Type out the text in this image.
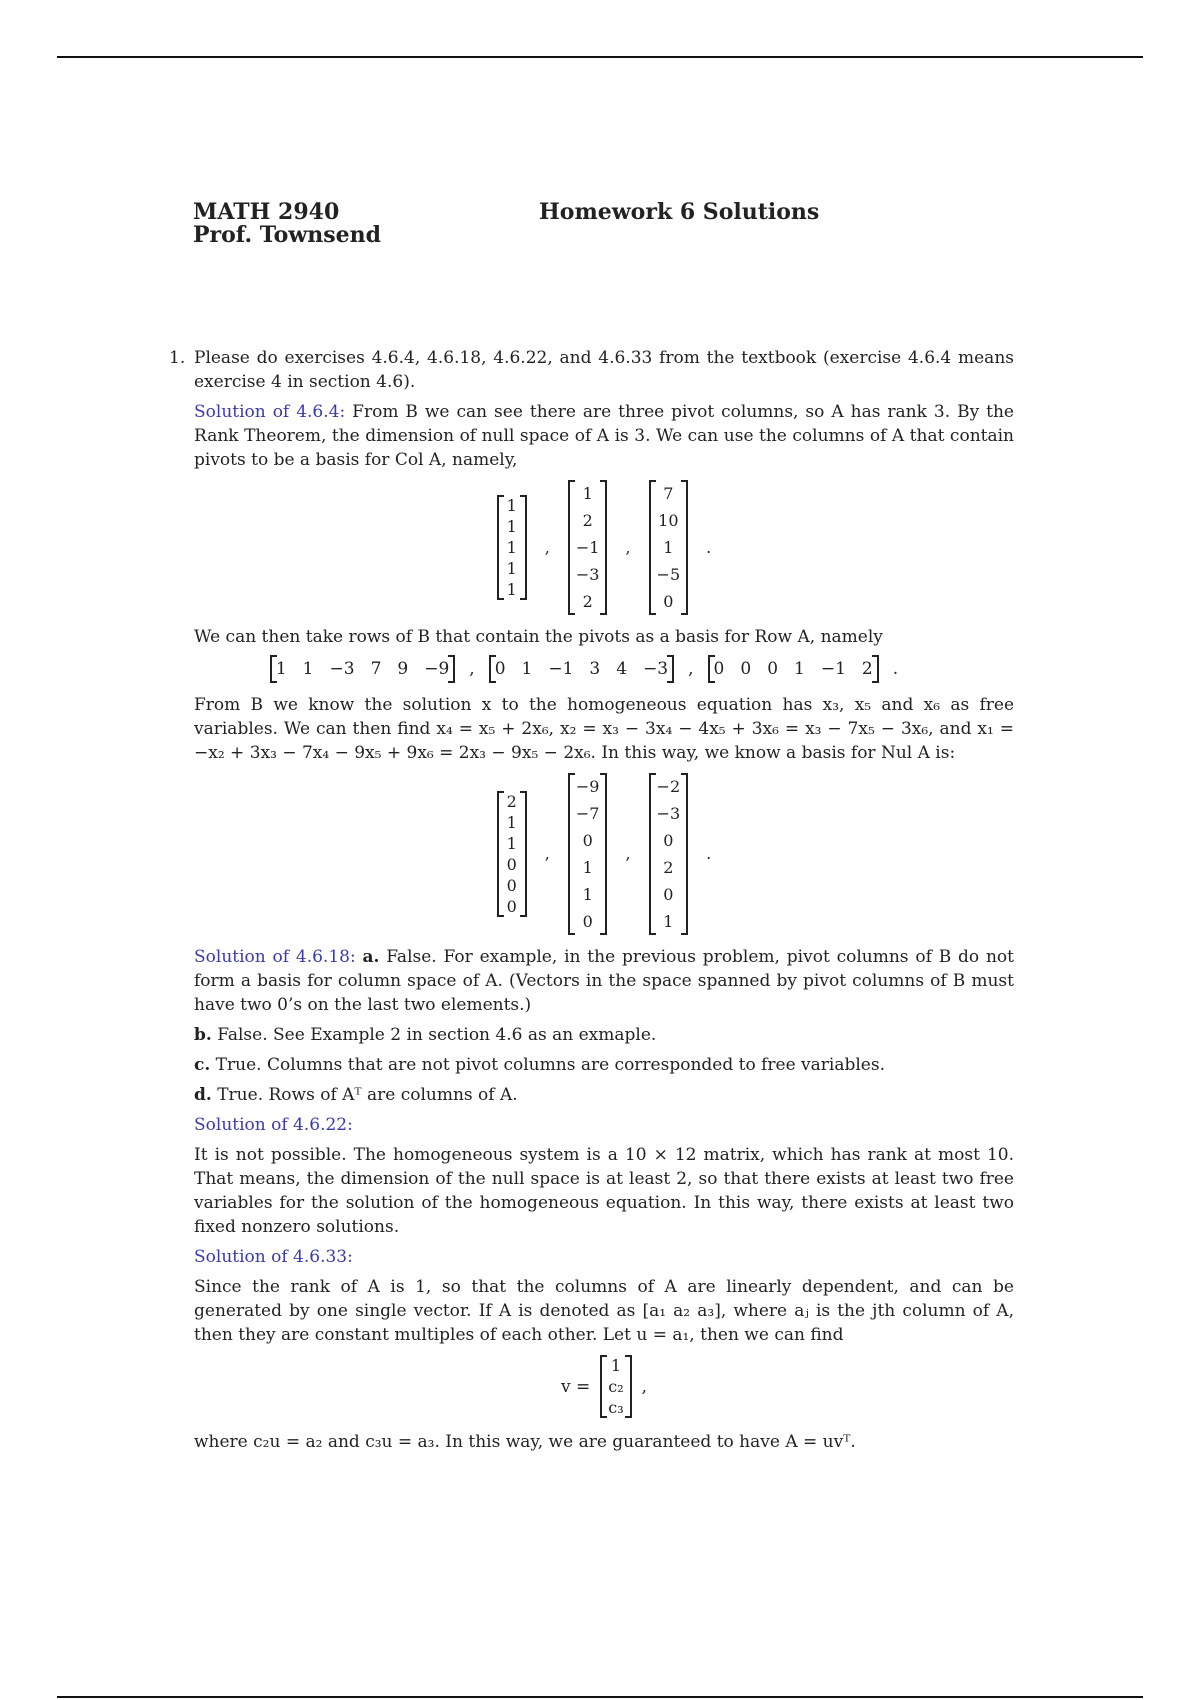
MATH 2940
Prof. Townsend
Homework 6 Solutions
1. Please do exercises 4.6.4, 4.6.18, 4.6.22, and 4.6.33 from the textbook (exercise 4.6.4 means exercise 4 in section 4.6).

Solution of 4.6.4: From B we can see there are three pivot columns, so A has rank 3. By the Rank Theorem, the dimension of null space of A is 3. We can use the columns of A that contain pivots to be a basis for Col A, namely,

1
1
1
1
1
,
1
2
−1
−3
2
,
7
10
1
−5
0
.

We can then take rows of B that contain the pivots as a basis for Row A, namely

1 1 −3 7 9 −9 , 0 1 −1 3 4 −3 , 0 0 0 1 −1 2 .

From B we know the solution x to the homogeneous equation has x₃, x₅ and x₆ as free variables. We can then find x₄ = x₅ + 2x₆, x₂ = x₃ − 3x₄ − 4x₅ + 3x₆ = x₃ − 7x₅ − 3x₆, and x₁ = −x₂ + 3x₃ − 7x₄ − 9x₅ + 9x₆ = 2x₃ − 9x₅ − 2x₆. In this way, we know a basis for Nul A is:

2
1
1
0
0
0
,
−9
−7
0
1
1
0
,
−2
−3
0
2
0
1
.

Solution of 4.6.18: a. False. For example, in the previous problem, pivot columns of B do not form a basis for column space of A. (Vectors in the space spanned by pivot columns of B must have two 0’s on the last two elements.)

b. False. See Example 2 in section 4.6 as an exmaple.

c. True. Columns that are not pivot columns are corresponded to free variables.

d. True. Rows of Aᵀ are columns of A.

Solution of 4.6.22:

It is not possible. The homogeneous system is a 10 × 12 matrix, which has rank at most 10. That means, the dimension of the null space is at least 2, so that there exists at least two free variables for the solution of the homogeneous equation. In this way, there exists at least two fixed nonzero solutions.

Solution of 4.6.33:

Since the rank of A is 1, so that the columns of A are linearly dependent, and can be generated by one single vector. If A is denoted as [a₁ a₂ a₃], where aⱼ is the jth column of A, then they are constant multiples of each other. Let u = a₁, then we can find

v =
1
c₂
c₃
,

where c₂u = a₂ and c₃u = a₃. In this way, we are guaranteed to have A = uvᵀ.
